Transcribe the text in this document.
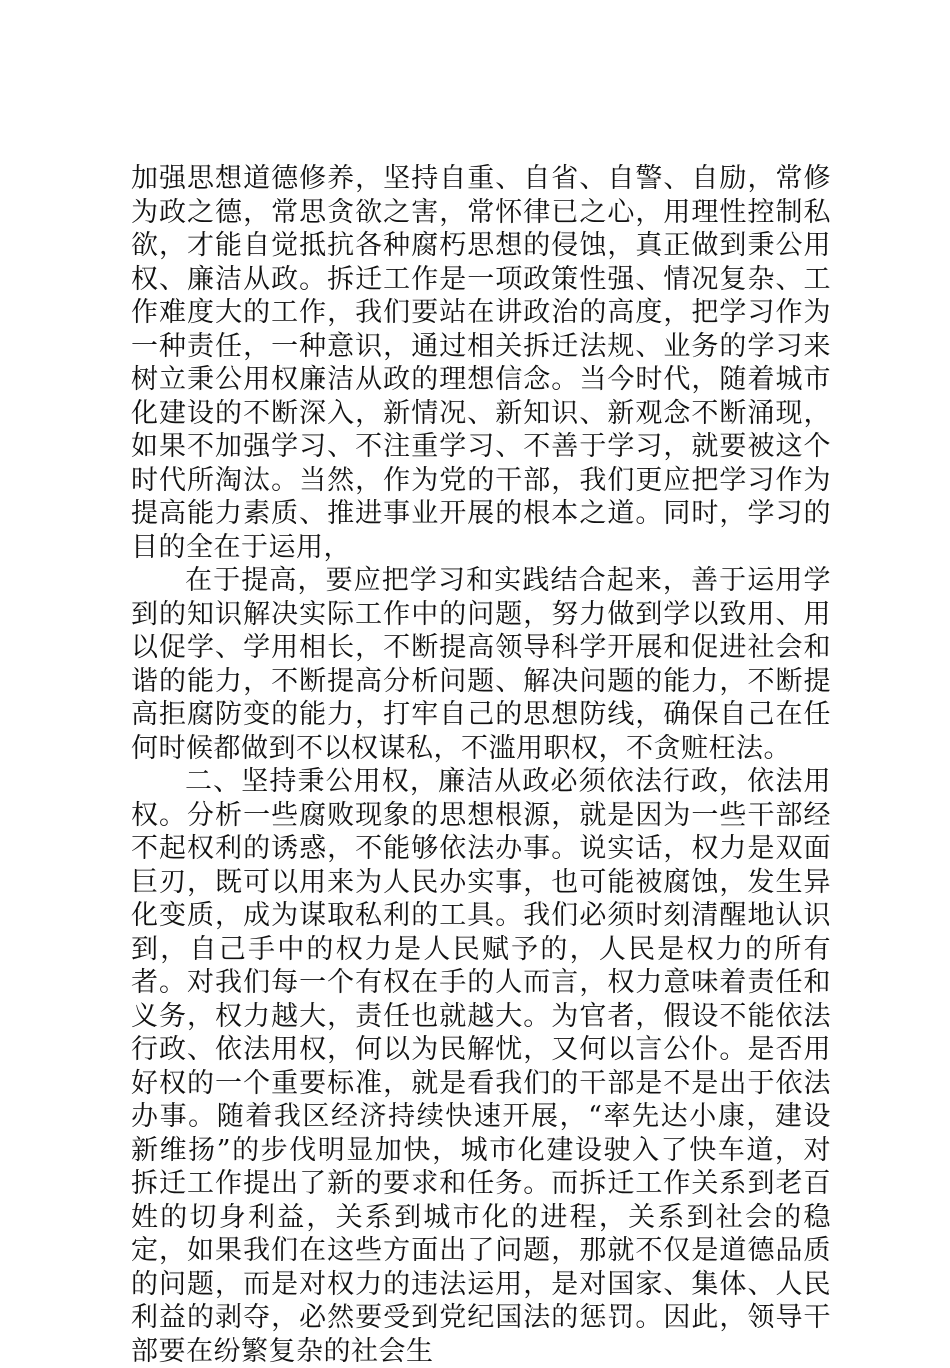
加强思想道德修养，坚持自重、自省、自警、自励，常修为政之德，常思贪欲之害，常怀律已之心，用理性控制私欲，才能自觉抵抗各种腐朽思想的侵蚀，真正做到秉公用权、廉洁从政。拆迁工作是一项政策性强、情况复杂、工作难度大的工作，我们要站在讲政治的高度，把学习作为一种责任，一种意识，通过相关拆迁法规、业务的学习来树立秉公用权廉洁从政的理想信念。当今时代，随着城市化建设的不断深入，新情况、新知识、新观念不断涌现，如果不加强学习、不注重学习、不善于学习，就要被这个时代所淘汰。当然，作为党的干部，我们更应把学习作为提高能力素质、推进事业开展的根本之道。同时，学习的目的全在于运用，

在于提高，要应把学习和实践结合起来，善于运用学到的知识解决实际工作中的问题，努力做到学以致用、用以促学、学用相长，不断提高领导科学开展和促进社会和谐的能力，不断提高分析问题、解决问题的能力，不断提高拒腐防变的能力，打牢自己的思想防线，确保自己在任何时候都做到不以权谋私，不滥用职权，不贪赃枉法。

二、坚持秉公用权，廉洁从政必须依法行政，依法用权。分析一些腐败现象的思想根源，就是因为一些干部经不起权利的诱惑，不能够依法办事。说实话，权力是双面巨刃，既可以用来为人民办实事，也可能被腐蚀，发生异化变质，成为谋取私利的工具。我们必须时刻清醒地认识到，自己手中的权力是人民赋予的，人民是权力的所有者。对我们每一个有权在手的人而言，权力意味着责任和义务，权力越大，责任也就越大。为官者，假设不能依法行政、依法用权，何以为民解忧，又何以言公仆。是否用好权的一个重要标准，就是看我们的干部是不是出于依法办事。随着我区经济持续快速开展，“率先达小康，建设新维扬”的步伐明显加快，城市化建设驶入了快车道，对拆迁工作提出了新的要求和任务。而拆迁工作关系到老百姓的切身利益，关系到城市化的进程，关系到社会的稳定，如果我们在这些方面出了问题，那就不仅是道德品质的问题，而是对权力的违法运用，是对国家、集体、人民利益的剥夺，必然要受到党纪国法的惩罚。因此，领导干部要在纷繁复杂的社会生
